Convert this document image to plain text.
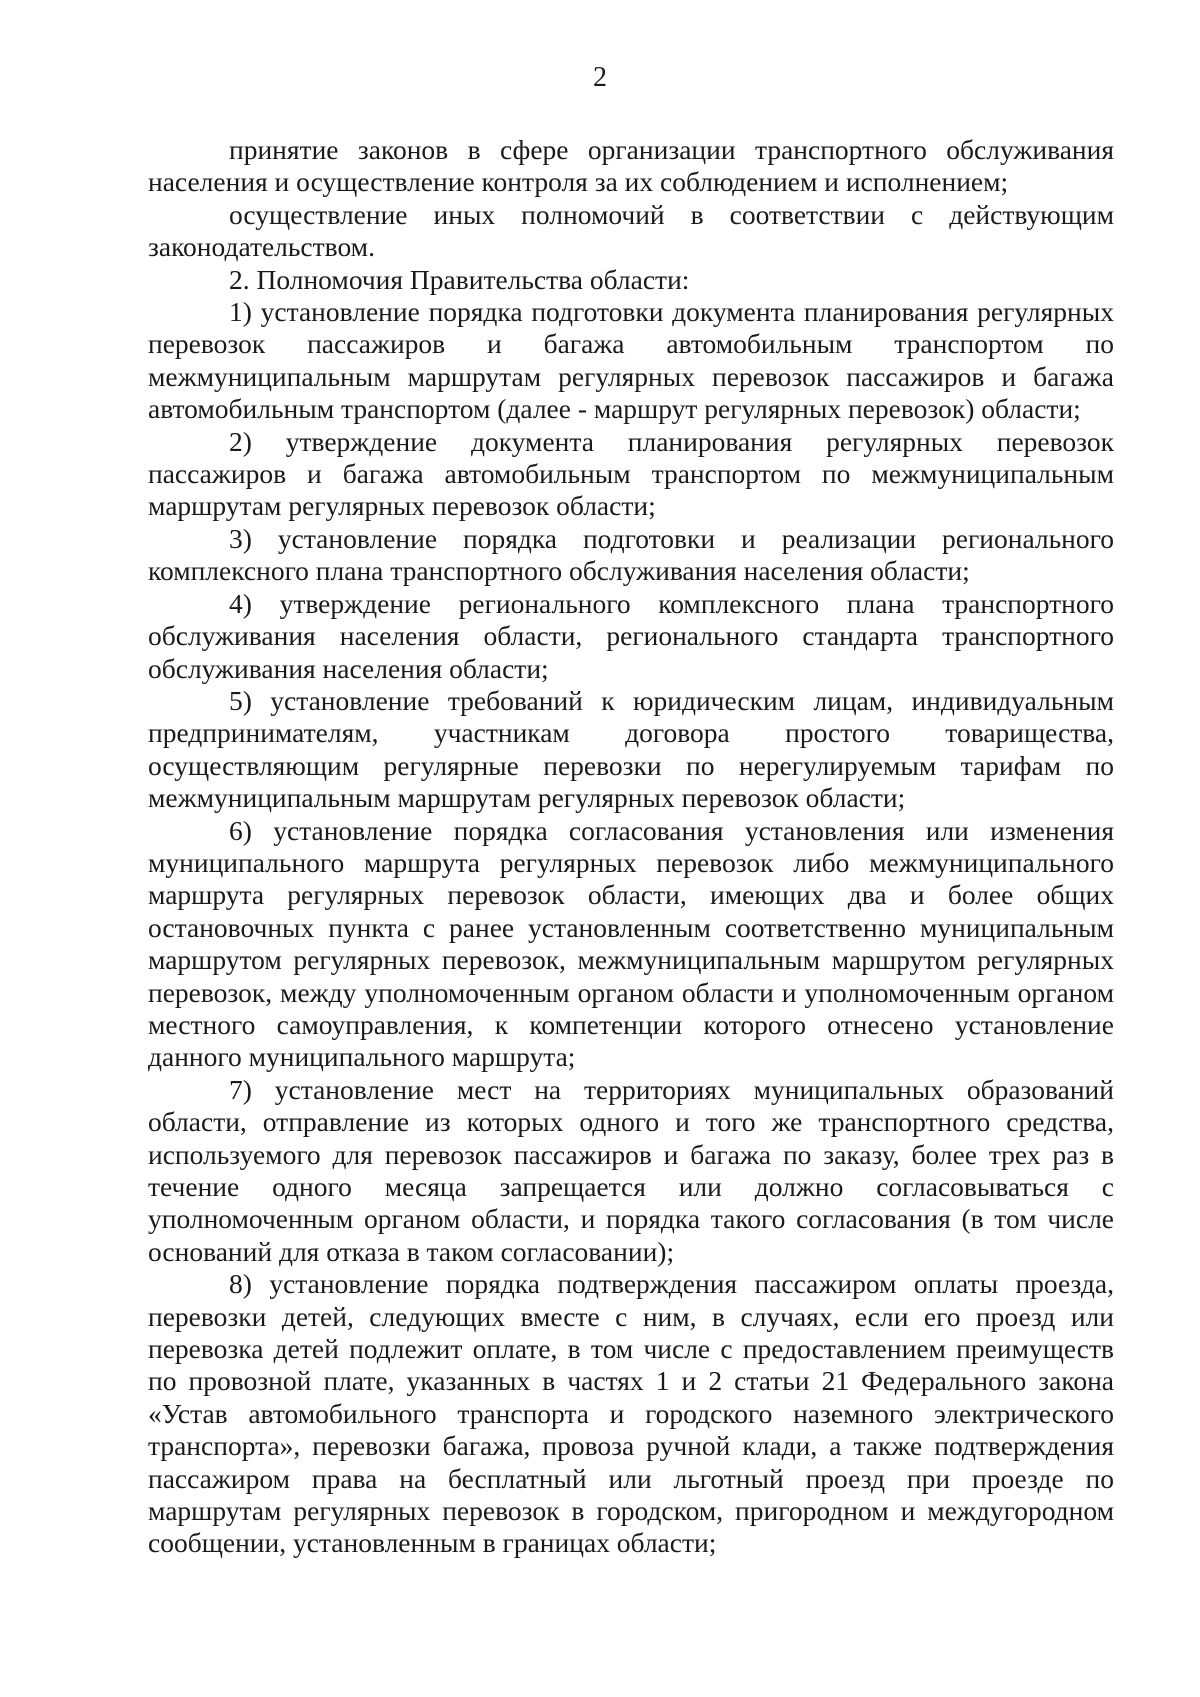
2

принятие законов в сфере организации транспортного обслуживания населения и осуществление контроля за их соблюдением и исполнением;

осуществление иных полномочий в соответствии с действующим законодательством.

2. Полномочия Правительства области:

1) установление порядка подготовки документа планирования регулярных перевозок пассажиров и багажа автомобильным транспортом по межмуниципальным маршрутам регулярных перевозок пассажиров и багажа автомобильным транспортом (далее - маршрут регулярных перевозок) области;

2) утверждение документа планирования регулярных перевозок пассажиров и багажа автомобильным транспортом по межмуниципальным маршрутам регулярных перевозок области;

3) установление порядка подготовки и реализации регионального комплексного плана транспортного обслуживания населения области;

4) утверждение регионального комплексного плана транспортного обслуживания населения области, регионального стандарта транспортного обслуживания населения области;

5) установление требований к юридическим лицам, индивидуальным предпринимателям, участникам договора простого товарищества, осуществляющим регулярные перевозки по нерегулируемым тарифам по межмуниципальным маршрутам регулярных перевозок области;

6) установление порядка согласования установления или изменения муниципального маршрута регулярных перевозок либо межмуниципального маршрута регулярных перевозок области, имеющих два и более общих остановочных пункта с ранее установленным соответственно муниципальным маршрутом регулярных перевозок, межмуниципальным маршрутом регулярных перевозок, между уполномоченным органом области и уполномоченным органом местного самоуправления, к компетенции которого отнесено установление данного муниципального маршрута;

7) установление мест на территориях муниципальных образований области, отправление из которых одного и того же транспортного средства, используемого для перевозок пассажиров и багажа по заказу, более трех раз в течение одного месяца запрещается или должно согласовываться с уполномоченным органом области, и порядка такого согласования (в том числе оснований для отказа в таком согласовании);

8) установление порядка подтверждения пассажиром оплаты проезда, перевозки детей, следующих вместе с ним, в случаях, если его проезд или перевозка детей подлежит оплате, в том числе с предоставлением преимуществ по провозной плате, указанных в частях 1 и 2 статьи 21 Федерального закона «Устав автомобильного транспорта и городского наземного электрического транспорта», перевозки багажа, провоза ручной клади, а также подтверждения пассажиром права на бесплатный или льготный проезд при проезде по маршрутам регулярных перевозок в городском, пригородном и междугородном сообщении, установленным в границах области;
